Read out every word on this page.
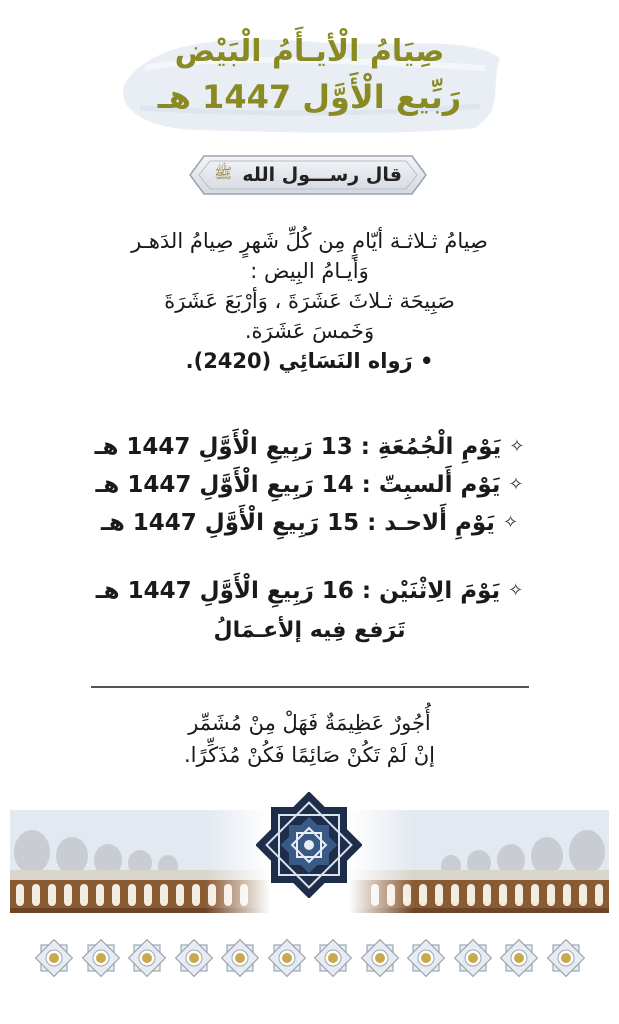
صِيَامُ الْأيـأَمُ الْبَيْض
رَبِّيع الْأَوَّل 1447 هـ
قال رســـول الله
ﷺ
صِيامُ ثـلاثـة أيّامٍ مِن كُلِّ شَهرٍ صِيامُ الدَهـر
وَأيـامُ البِيض :
صَبِيحَة ثـلاثَ عَشَرَةَ ، وَأرْبَعَ عَشَرَةَ
وَخَمسَ عَشَرَة.
• رَواه النَسَائِي (2420).
✧
يَوْمِ الْجُمُعَةِ : 13 رَبِيعِ الْأَوَّلِ 1447 هـ
✧
يَوْم أَلسبِتّ : 14 رَبِيعِ الْأَوَّلِ 1447 هـ
✧
يَوْمِ أَلاحـد : 15 رَبِيعِ الْأَوَّلِ 1447 هـ
✧
يَوْمَ الِاثْنَيْن : 16 رَبِيعِ الْأَوَّلِ 1447 هـ
تَرَفع فِيه إلأعـمَالُ
أُجُورٌ عَظِيمَةٌ فَهَلْ مِنْ مُشَمِّر
إنْ لَمْ تَكُنْ صَائِمًا فَكُنْ مُذَكِّرًا.
